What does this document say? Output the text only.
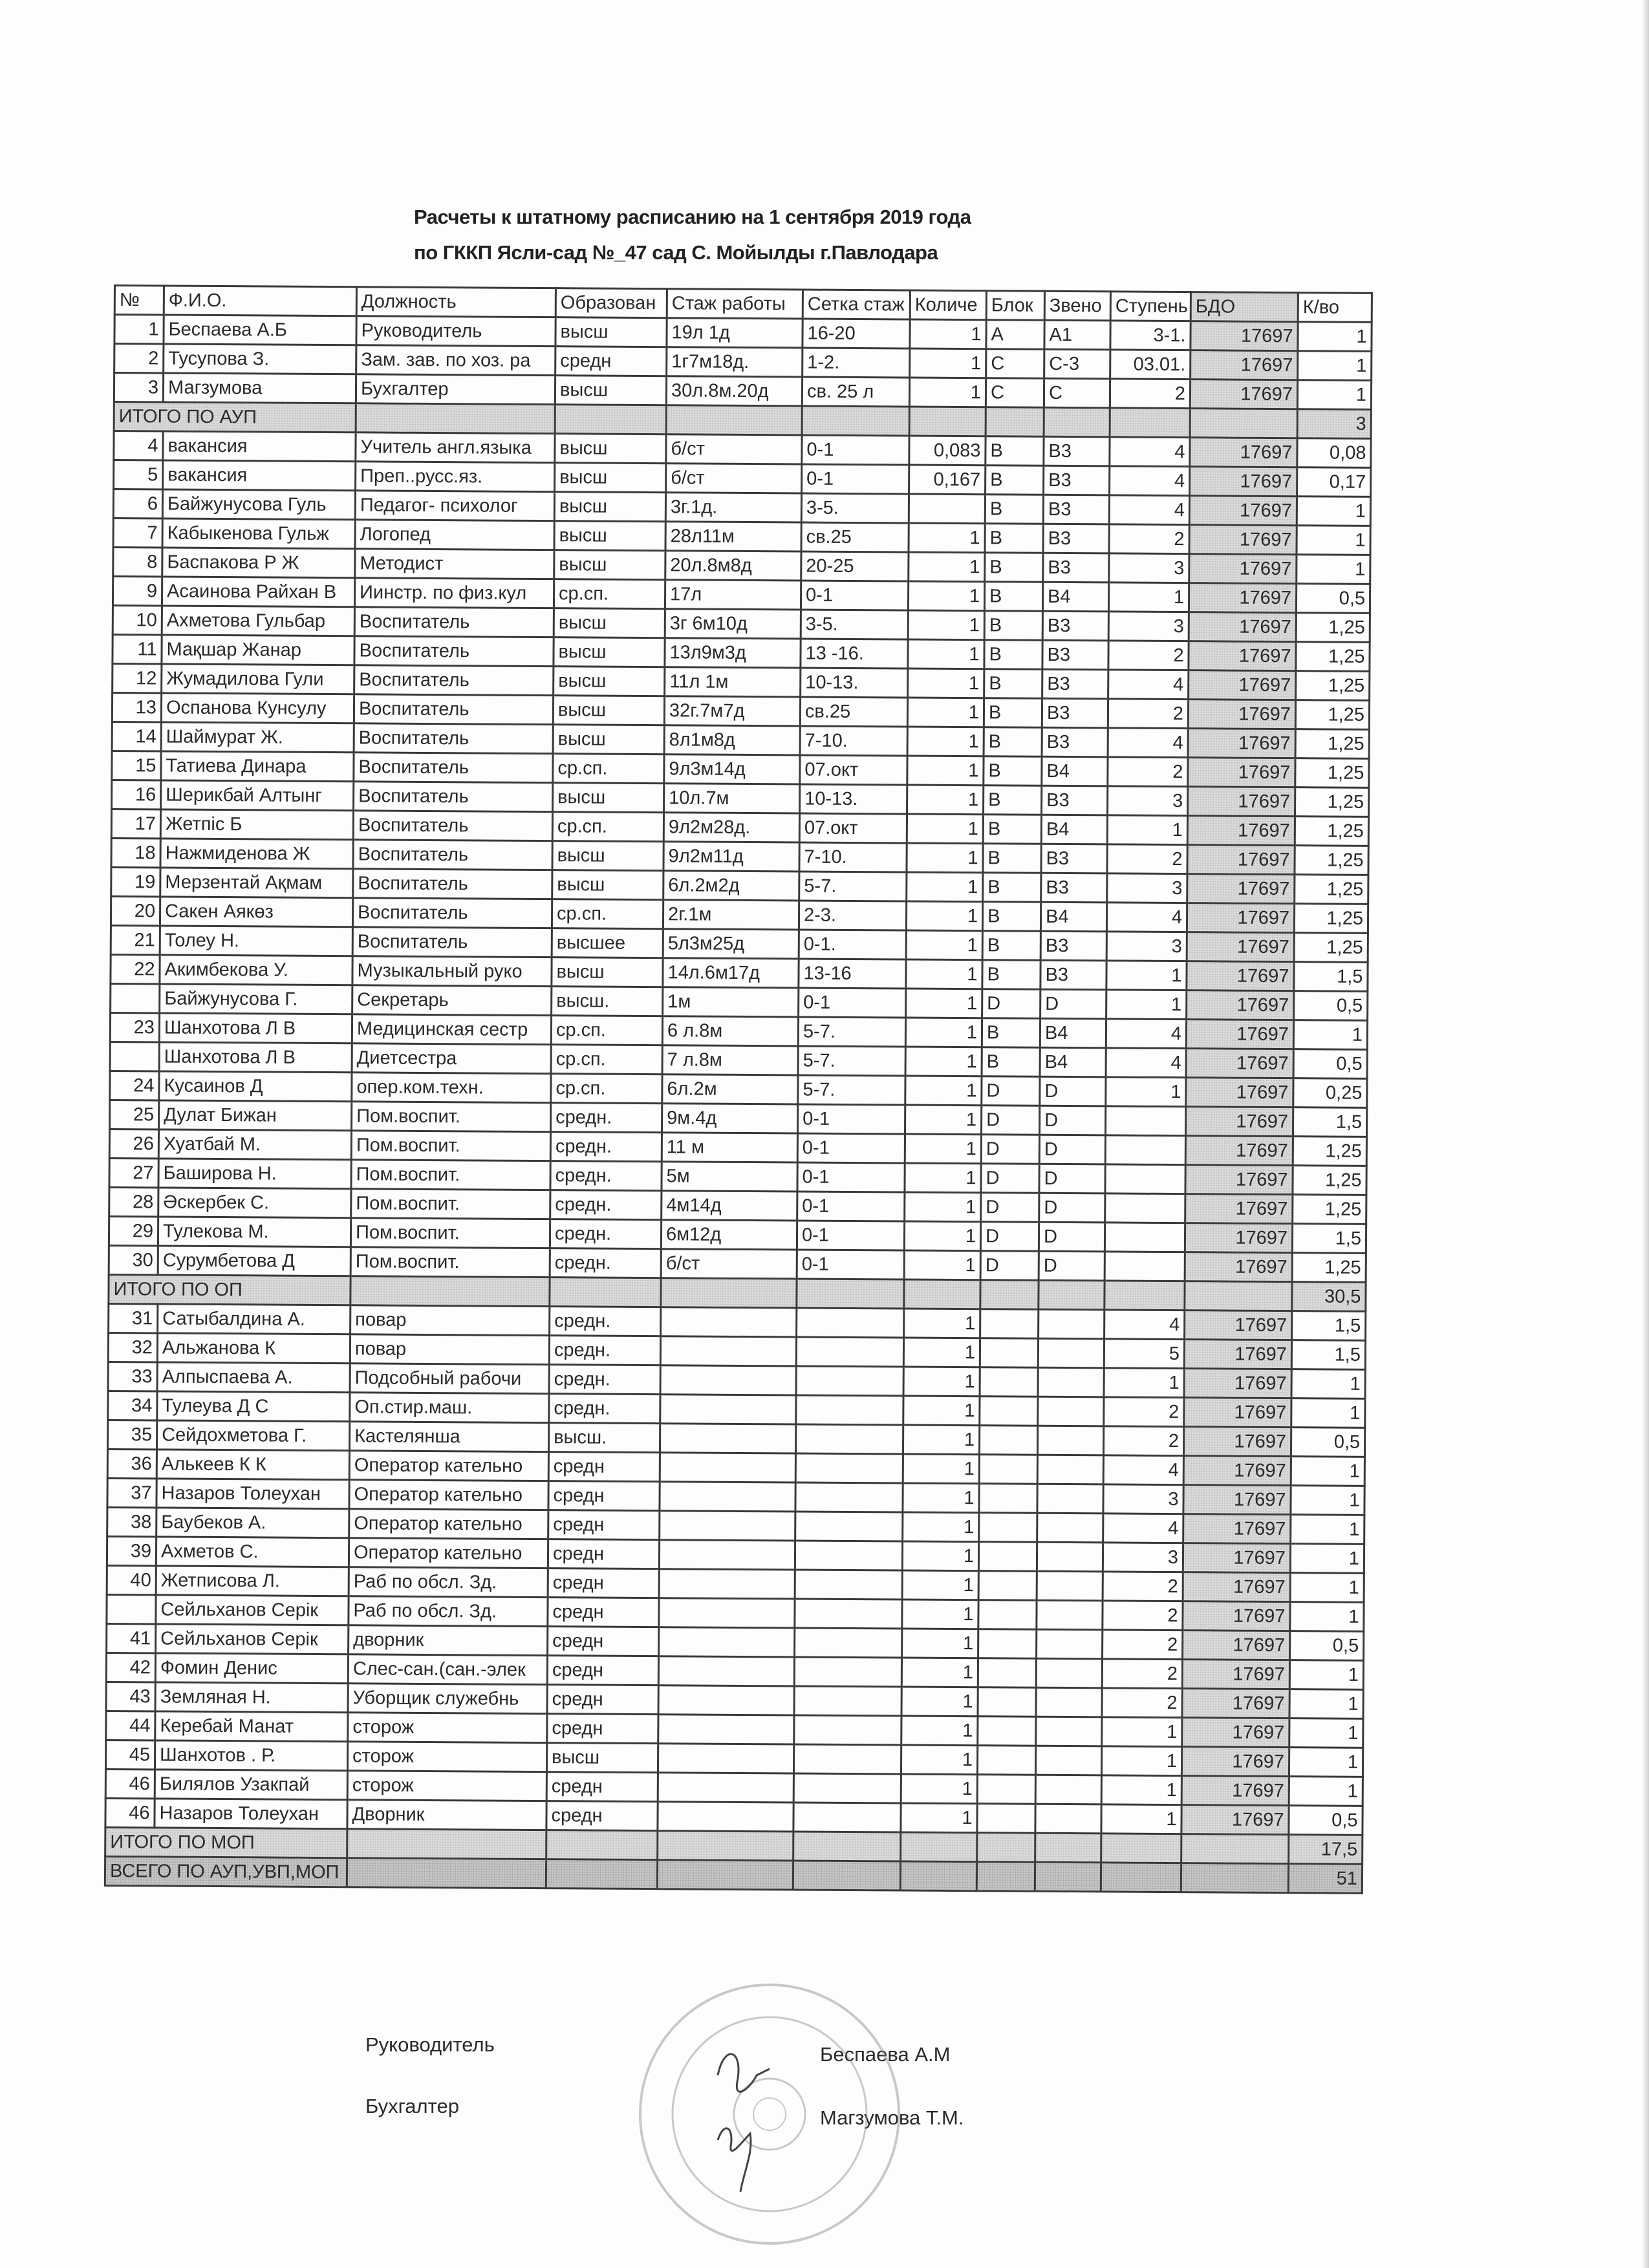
Расчеты к штатному расписанию на 1 сентября 2019 года
по ГККП Ясли-сад №_47 сад С. Мойылды г.Павлодара
№	Ф.И.О.	Должность	Образован	Стаж работы	Сетка стаж	Количе	Блок	Звено	Ступень	БДО	К/во
1	Беспаева А.Б	Руководитель	высш	19л 1д	16-20	1	A	A1	3-1.	17697	1
2	Тусупова З.	Зам. зав. по хоз. ра	средн	1г7м18д.	1-2.	1	C	C-3	03.01.	17697	1
3	Магзумова	Бухгалтер	высш	30л.8м.20д	св. 25 л	1	C	C	2	17697	1
ИТОГО ПО АУП											3
4	вакансия	Учитель англ.языка	высш	б/ст	0-1	0,083	B	B3	4	17697	0,08
5	вакансия	Преп..русс.яз.	высш	б/ст	0-1	0,167	B	B3	4	17697	0,17
6	Байжунусова Гуль	Педагог- психолог	высш	3г.1д.	3-5.		B	B3	4	17697	1
7	Кабыкенова Гульж	Логопед	высш	28л11м	св.25	1	B	B3	2	17697	1
8	Баспакова Р Ж	Методист	высш	20л.8м8д	20-25	1	B	B3	3	17697	1
9	Асаинова Райхан В	Иинстр. по физ.кул	ср.сп.	17л	0-1	1	B	B4	1	17697	0,5
10	Ахметова Гульбар	Воспитатель	высш	3г 6м10д	3-5.	1	B	B3	3	17697	1,25
11	Мақшар Жанар	Воспитатель	высш	13л9м3д	13 -16.	1	B	B3	2	17697	1,25
12	Жумадилова Гули	Воспитатель	высш	11л 1м	10-13.	1	B	B3	4	17697	1,25
13	Оспанова Кунсулу	Воспитатель	высш	32г.7м7д	св.25	1	B	B3	2	17697	1,25
14	Шаймурат Ж.	Воспитатель	высш	8л1м8д	7-10.	1	B	B3	4	17697	1,25
15	Татиева Динара	Воспитатель	ср.сп.	9л3м14д	07.окт	1	B	B4	2	17697	1,25
16	Шерикбай Алтынг	Воспитатель	высш	10л.7м	10-13.	1	B	B3	3	17697	1,25
17	Жетпіс Б	Воспитатель	ср.сп.	9л2м28д.	07.окт	1	B	B4	1	17697	1,25
18	Нажмиденова Ж	Воспитатель	высш	9л2м11д	7-10.	1	B	B3	2	17697	1,25
19	Мерзентай Ақмам	Воспитатель	высш	6л.2м2д	5-7.	1	B	B3	3	17697	1,25
20	Сакен Аякөз	Воспитатель	ср.сп.	2г.1м	2-3.	1	B	B4	4	17697	1,25
21	Толеу Н.	Воспитатель	высшее	5л3м25д	0-1.	1	B	B3	3	17697	1,25
22	Акимбекова У.	Музыкальный руко	высш	14л.6м17д	13-16	1	B	B3	1	17697	1,5
	Байжунусова Г.	Секретарь	высш.	1м	0-1	1	D	D	1	17697	0,5
23	Шанхотова Л В	Медицинская сестр	ср.сп.	6 л.8м	5-7.	1	B	B4	4	17697	1
	Шанхотова Л В	Диетсестра	ср.сп.	7 л.8м	5-7.	1	B	B4	4	17697	0,5
24	Кусаинов Д	опер.ком.техн.	ср.сп.	6л.2м	5-7.	1	D	D	1	17697	0,25
25	Дулат Бижан	Пом.воспит.	средн.	9м.4д	0-1	1	D	D		17697	1,5
26	Хуатбай М.	Пом.воспит.	средн.	11 м	0-1	1	D	D		17697	1,25
27	Баширова Н.	Пом.воспит.	средн.	5м	0-1	1	D	D		17697	1,25
28	Әскербек С.	Пом.воспит.	средн.	4м14д	0-1	1	D	D		17697	1,25
29	Тулекова М.	Пом.воспит.	средн.	6м12д	0-1	1	D	D		17697	1,5
30	Сурумбетова Д	Пом.воспит.	средн.	б/ст	0-1	1	D	D		17697	1,25
ИТОГО ПО ОП											30,5
31	Сатыбалдина А.	повар	средн.			1			4	17697	1,5
32	Альжанова К	повар	средн.			1			5	17697	1,5
33	Алпыспаева А.	Подсобный рабочи	средн.			1			1	17697	1
34	Тулеува Д С	Оп.стир.маш.	средн.			1			2	17697	1
35	Сейдохметова Г.	Кастелянша	высш.			1			2	17697	0,5
36	Алькеев К К	Оператор кательно	средн			1			4	17697	1
37	Назаров Толеухан	Оператор кательно	средн			1			3	17697	1
38	Баубеков А.	Оператор кательно	средн			1			4	17697	1
39	Ахметов С.	Оператор кательно	средн			1			3	17697	1
40	Жетписова Л.	Раб по обсл. Зд.	средн			1			2	17697	1
	Сейльханов Серік	Раб по обсл. Зд.	средн			1			2	17697	1
41	Сейльханов Серік	дворник	средн			1			2	17697	0,5
42	Фомин Денис	Слес-сан.(сан.-элек	средн			1			2	17697	1
43	Земляная Н.	Уборщик служебнь	средн			1			2	17697	1
44	Керебай Манат	сторож	средн			1			1	17697	1
45	Шанхотов . Р.	сторож	высш			1			1	17697	1
46	Билялов Узакпай	сторож	средн			1			1	17697	1
46	Назаров Толеухан	Дворник	средн			1			1	17697	0,5
ИТОГО ПО МОП											17,5
ВСЕГО ПО АУП,УВП,МОП											51
Руководитель	Беспаева А.М
Бухгалтер
Магзумова Т.М.
